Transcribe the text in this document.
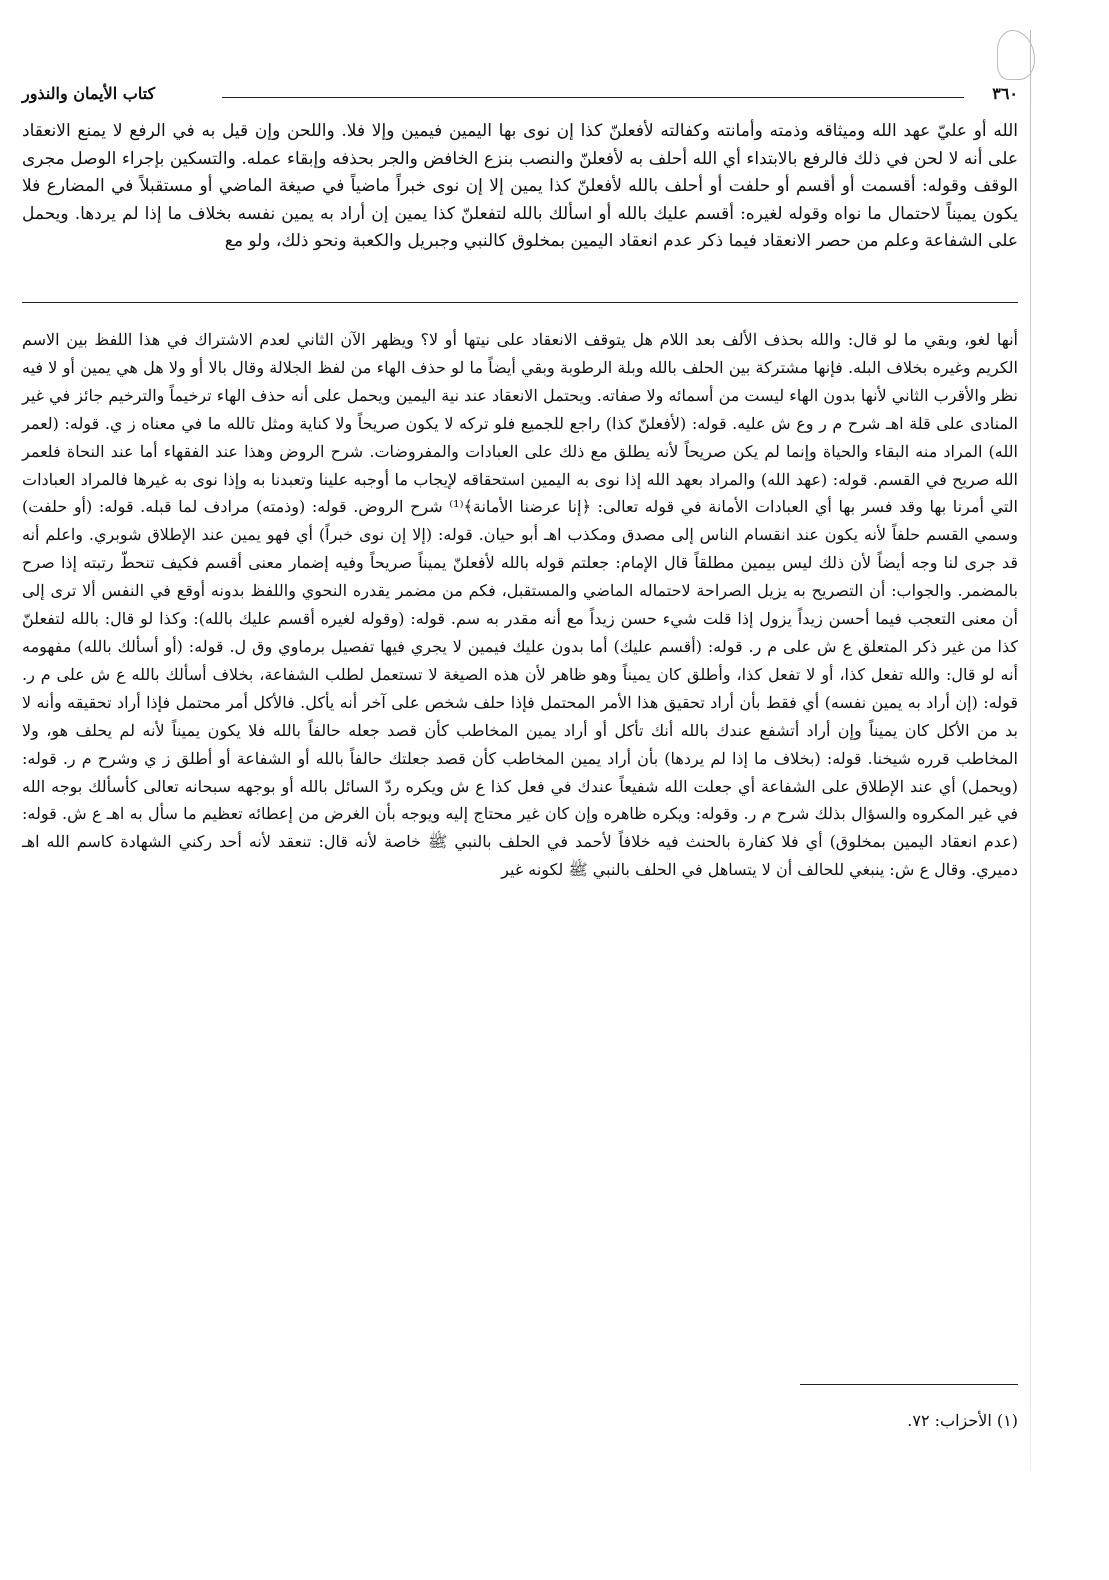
٣٦٠
كتاب الأيمان والنذور

الله أو عليّ عهد الله وميثاقه وذمته وأمانته وكفالته لأفعلنّ كذا إن نوى بها اليمين فيمين وإلا فلا. واللحن وإن قيل به في الرفع لا يمنع الانعقاد على أنه لا لحن في ذلك فالرفع بالابتداء أي الله أحلف به لأفعلنّ والنصب بنزع الخافض والجر بحذفه وإبقاء عمله. والتسكين بإجراء الوصل مجرى الوقف وقوله: أقسمت أو أقسم أو حلفت أو أحلف بالله لأفعلنّ كذا يمين إلا إن نوى خبراً ماضياً في صيغة الماضي أو مستقبلاً في المضارع فلا يكون يميناً لاحتمال ما نواه وقوله لغيره: أقسم عليك بالله أو اسألك بالله لتفعلنّ كذا يمين إن أراد به يمين نفسه بخلاف ما إذا لم يردها. ويحمل على الشفاعة وعلم من حصر الانعقاد فيما ذكر عدم انعقاد اليمين بمخلوق كالنبي وجبريل والكعبة ونحو ذلك، ولو مع

أنها لغو، وبقي ما لو قال: والله بحذف الألف بعد اللام هل يتوقف الانعقاد على نيتها أو لا؟ ويظهر الآن الثاني لعدم الاشتراك في هذا اللفظ بين الاسم الكريم وغيره بخلاف البله. فإنها مشتركة بين الحلف بالله وبلة الرطوبة وبقي أيضاً ما لو حذف الهاء من لفظ الجلالة وقال بالا أو ولا هل هي يمين أو لا فيه نظر والأقرب الثاني لأنها بدون الهاء ليست من أسمائه ولا صفاته. ويحتمل الانعقاد عند نية اليمين ويحمل على أنه حذف الهاء ترخيماً والترخيم جائز في غير المنادى على قلة اهـ شرح م ر وع ش عليه. قوله: (لأفعلنّ كذا) راجع للجميع فلو تركه لا يكون صريحاً ولا كناية ومثل تالله ما في معناه ز ي. قوله: (لعمر الله) المراد منه البقاء والحياة وإنما لم يكن صريحاً لأنه يطلق مع ذلك على العبادات والمفروضات. شرح الروض وهذا عند الفقهاء أما عند النحاة فلعمر الله صريح في القسم. قوله: (عهد الله) والمراد بعهد الله إذا نوى به اليمين استحقاقه لإيجاب ما أوجبه علينا وتعبدنا به وإذا نوى به غيرها فالمراد العبادات التي أمرنا بها وقد فسر بها أي العبادات الأمانة في قوله تعالى: ﴿إنا عرضنا الأمانة﴾⁽¹⁾ شرح الروض. قوله: (وذمته) مرادف لما قبله. قوله: (أو حلفت) وسمي القسم حلفاً لأنه يكون عند انقسام الناس إلى مصدق ومكذب اهـ أبو حيان. قوله: (إلا إن نوى خبراً) أي فهو يمين عند الإطلاق شوبري. واعلم أنه قد جرى لنا وجه أيضاً لأن ذلك ليس بيمين مطلقاً قال الإمام: جعلتم قوله بالله لأفعلنّ يميناً صريحاً وفيه إضمار معنى أقسم فكيف تنحطّ رتبته إذا صرح بالمضمر. والجواب: أن التصريح به يزيل الصراحة لاحتماله الماضي والمستقبل، فكم من مضمر يقدره النحوي واللفظ بدونه أوقع في النفس ألا ترى إلى أن معنى التعجب فيما أحسن زيداً يزول إذا قلت شيء حسن زيداً مع أنه مقدر به سم. قوله: (وقوله لغيره أقسم عليك بالله): وكذا لو قال: بالله لتفعلنّ كذا من غير ذكر المتعلق ع ش على م ر. قوله: (أقسم عليك) أما بدون عليك فيمين لا يجري فيها تفصيل برماوي وق ل. قوله: (أو أسألك بالله) مفهومه أنه لو قال: والله تفعل كذا، أو لا تفعل كذا، وأطلق كان يميناً وهو ظاهر لأن هذه الصيغة لا تستعمل لطلب الشفاعة، بخلاف أسألك بالله ع ش على م ر. قوله: (إن أراد به يمين نفسه) أي فقط بأن أراد تحقيق هذا الأمر المحتمل فإذا حلف شخص على آخر أنه يأكل. فالأكل أمر محتمل فإذا أراد تحقيقه وأنه لا بد من الأكل كان يميناً وإن أراد أتشفع عندك بالله أنك تأكل أو أراد يمين المخاطب كأن قصد جعله حالفاً بالله فلا يكون يميناً لأنه لم يحلف هو، ولا المخاطب قرره شيخنا. قوله: (بخلاف ما إذا لم يردها) بأن أراد يمين المخاطب كأن قصد جعلتك حالفاً بالله أو الشفاعة أو أطلق ز ي وشرح م ر. قوله: (ويحمل) أي عند الإطلاق على الشفاعة أي جعلت الله شفيعاً عندك في فعل كذا ع ش ويكره ردّ السائل بالله أو بوجهه سبحانه تعالى كأسألك بوجه الله في غير المكروه والسؤال بذلك شرح م ر. وقوله: ويكره ظاهره وإن كان غير محتاج إليه ويوجه بأن الغرض من إعطائه تعظيم ما سأل به اهـ ع ش. قوله: (عدم انعقاد اليمين بمخلوق) أي فلا كفارة بالحنث فيه خلافاً لأحمد في الحلف بالنبي ﷺ خاصة لأنه قال: تنعقد لأنه أحد ركني الشهادة كاسم الله اهـ دميري. وقال ع ش: ينبغي للحالف أن لا يتساهل في الحلف بالنبي ﷺ لكونه غير

(١) الأحزاب: ٧٢.
